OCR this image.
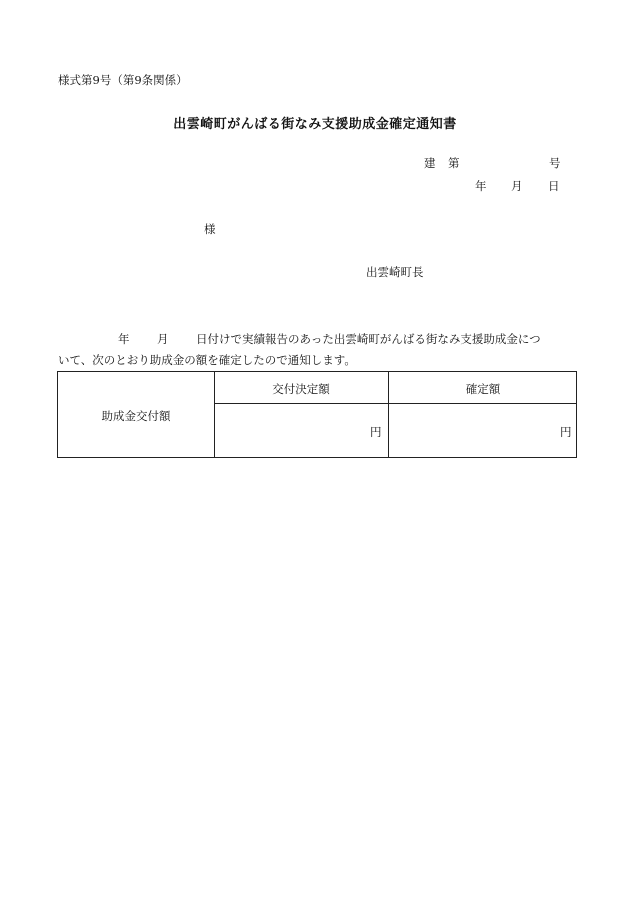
様式第9号（第9条関係）
出雲崎町がんばる街なみ支援助成金確定通知書
建 第	号
年 月 日
様
出雲崎町長
年 月 日付けで実績報告のあった出雲崎町がんばる街なみ支援助成金につ
いて、次のとおり助成金の額を確定したので通知します。
助成金交付額
交付決定額	確定額
円	円
